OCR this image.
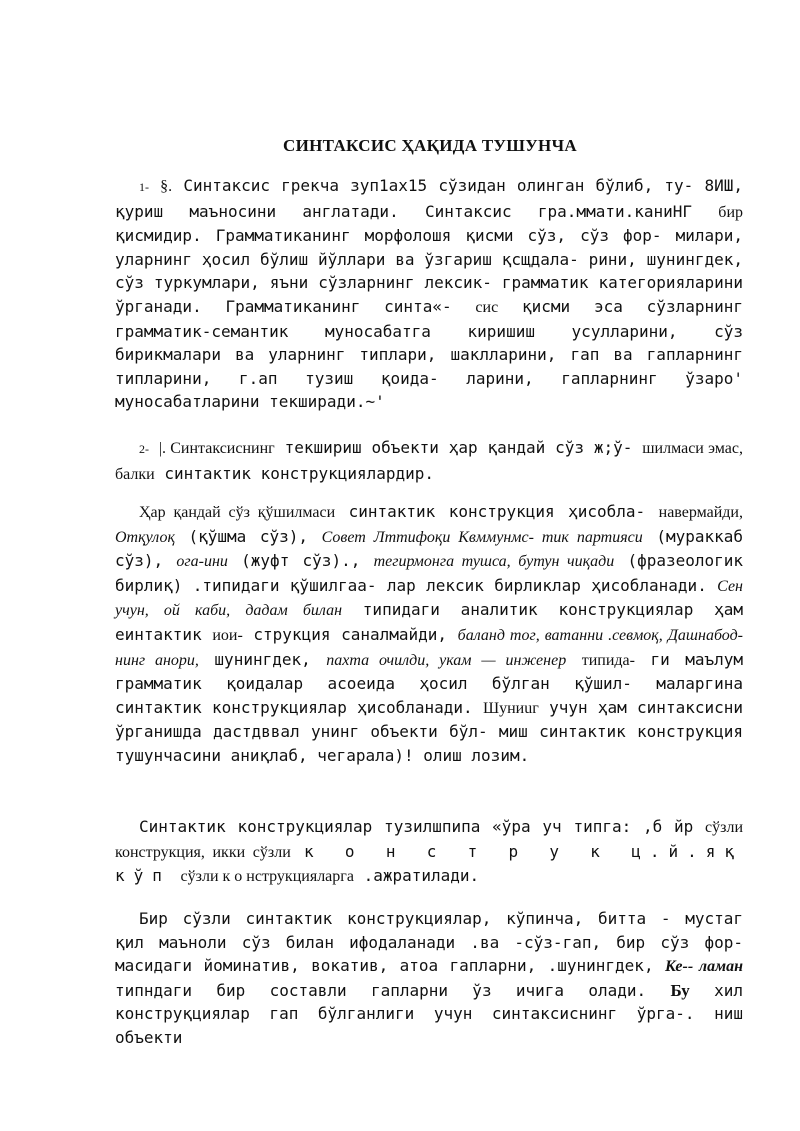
СИНТАКСИС ҲАҚИДА ТУШУНЧА
1- §. Синтаксис грекча зуп1ах15 сўзидан олинган бўлиб, ту- 8ИШ, қуриш маъносини англатади. Синтаксис гра.ммати.каниНГ бир қисмидир. Грамматиканинг морфолошя қисми сўз, сўз фор- милари, уларнинг ҳосил бўлиш йўллари ва ўзгариш қсщдала- рини, шунингдек, сўз туркумлари, яъни сўзларнинг лексик- грамматик категорияларини ўрганади. Грамматиканинг синта«- сис қисми эса сўзларнинг грамматик-семантик муносабатга киришиш усулларини, сўз бирикмалари ва уларнинг типлари, шаклларини, гап ва гапларнинг типларини, г.ап тузиш қоида- ларини, гапларнинг ўзаро' муносабатларини текширади.~'
2- |. Синтаксиснинг текшириш объекти ҳар қандай сўз ж;ў- шилмаси эмас, балки синтактик конструкциялардир.
Ҳар қандай сўз қўшилмаси синтактик конструкция ҳисобла- навермайди, Отқулоқ (қўшма сўз), Совет Лттифоқи Квммунмс- тик партияси (мураккаб сўз), ога-ини (жуфт сўз)., тегирмонга тушса, бутун чиқади (фразеологик бирлиқ) .типидаги қўшилгаа- лар лексик бирликлар ҳисобланади. Сен учун, ой каби, дадам билан типидаги аналитик конструкциялар ҳам еинтактик иои- струкция саналмайди, баланд тог, ватанни .севмоқ, Дашнабод- нинг анори, шунингдек, пахта очилди, укам — инженер типида- ги маълум грамматик қоидалар асоеида ҳосил бўлган қўшил- маларгина синтактик конструкциялар ҳисобланади. Шуниuг учун ҳам синтаксисни ўрганишда дастдввал унинг объекти бўл- миш синтактик конструкция тушунчасини аниқлаб, чегарала)! олиш лозим.
Синтактик конструкциялар тузилшпипа «ўра уч типга: ,б йр сўзли конструкция, икки сўзли к о н с т р у к ц.й.яқ кўп сўзли к о нструкцияларга .ажратилади.
Бир сўзли синтактик конструкциялар, кўпинча, битта - мустаг қил маъноли сўз билан ифодаланади .ва -сўз-гап, бир сўз фор- масидаги йоминатив, вокатив, атоа гапларни, .шунингдек, Ке-- ламан типндаги бир составли гапларни ўз ичига олади. Бу хил конструқциялар гап бўлганлиги учун синтаксиснинг ўрга-. ниш объекти
